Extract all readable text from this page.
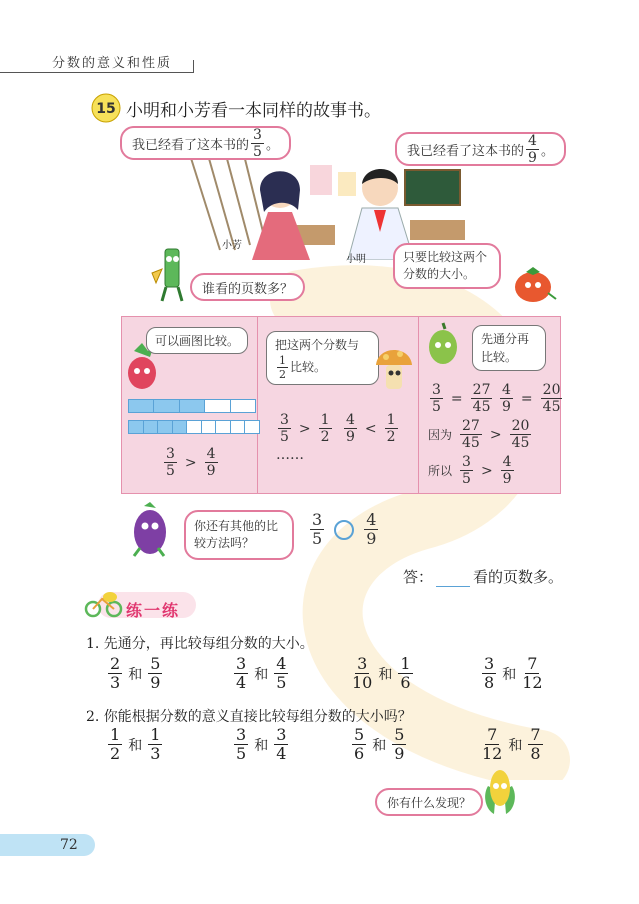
分数的意义和性质
15 小明和小芳看一本同样的故事书。
我已经看了这本书的 $\frac{3}{5}$ 。	我已经看了这本书的 $\frac{4}{9}$ 。
小芳
小明
谁看的页数多？
只要比较这两个分数的大小。
可以画图比较。
$\frac{3}{5} > \frac{4}{9}$
把这两个分数与
$\frac{1}{2}$ 比较。
$\frac{3}{5} > \frac{1}{2} \frac{4}{9} < \frac{1}{2}$
……
先通分再比较。
$\frac{3}{5} = \frac{27}{45} \frac{4}{9} = \frac{20}{45}$
因为 $\frac{27}{45} > \frac{20}{45}$
所以 $\frac{3}{5} > \frac{4}{9}$
你还有其他的比较方法吗？	$\frac{3}{5}$	$\frac{4}{9}$
答：	看的页数多。
练一练
1. 先通分，再比较每组分数的大小。
$\frac{2}{3}$ 和 $\frac{5}{9}$	$\frac{3}{4}$ 和 $\frac{4}{5}$	$\frac{3}{10}$ 和 $\frac{1}{6}$	$\frac{3}{8}$ 和 $\frac{7}{12}$
2. 你能根据分数的意义直接比较每组分数的大小吗？
$\frac{1}{2}$ 和 $\frac{1}{3}$	$\frac{3}{5}$ 和 $\frac{3}{4}$	$\frac{5}{6}$ 和 $\frac{5}{9}$	$\frac{7}{12}$ 和 $\frac{7}{8}$
你有什么发现？
72
